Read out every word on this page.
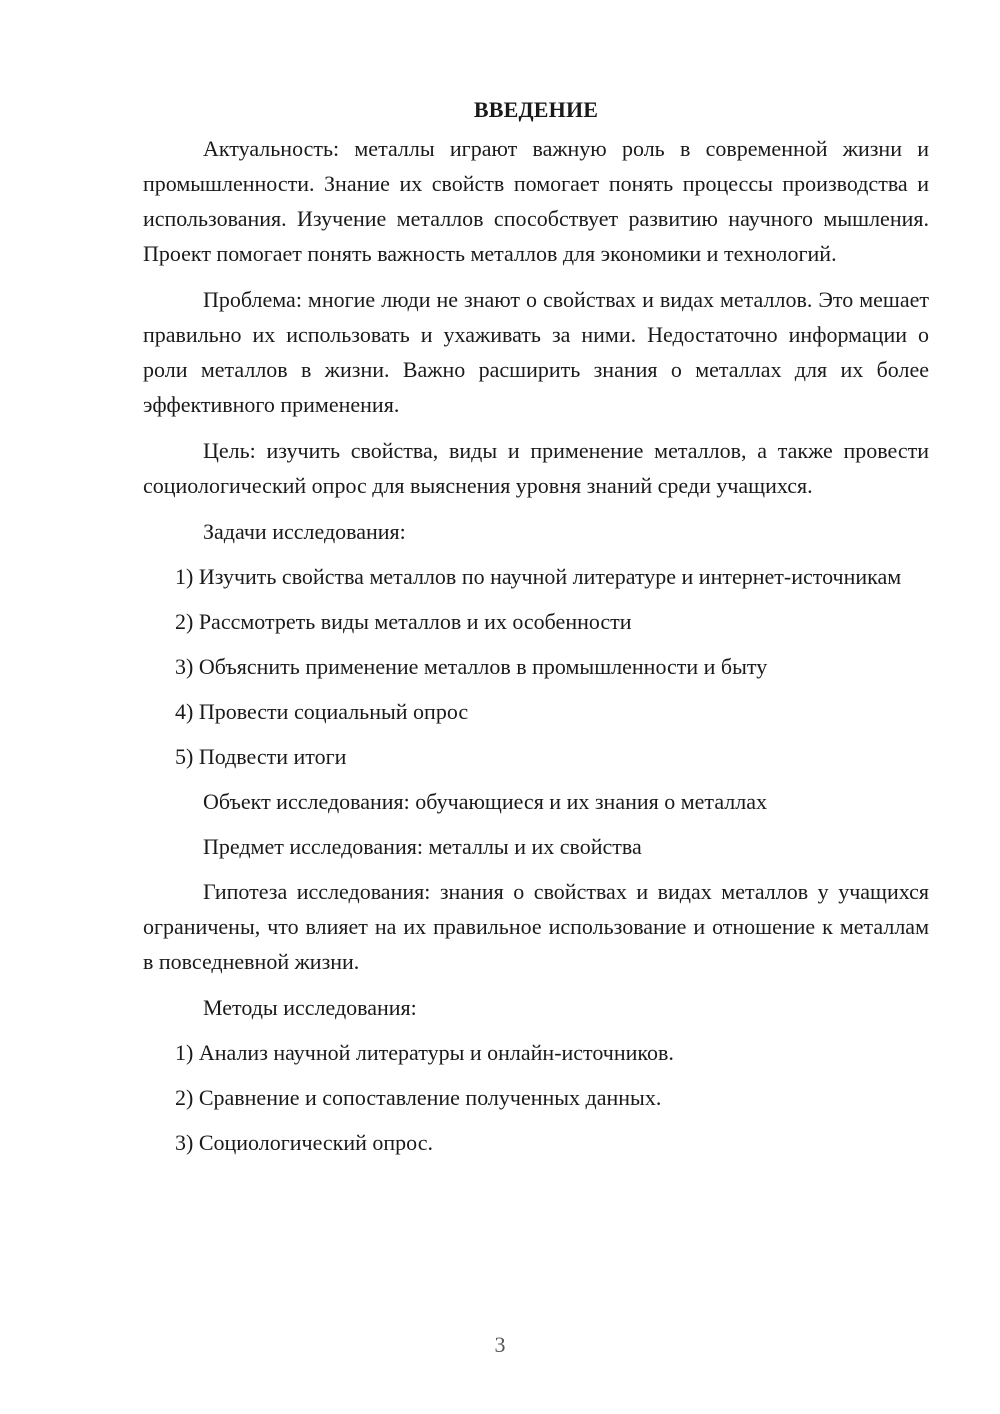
ВВЕДЕНИЕ

Актуальность: металлы играют важную роль в современной жизни и промышленности. Знание их свойств помогает понять процессы производства и использования. Изучение металлов способствует развитию научного мышления. Проект помогает понять важность металлов для экономики и технологий.

Проблема: многие люди не знают о свойствах и видах металлов. Это мешает правильно их использовать и ухаживать за ними. Недостаточно информации о роли металлов в жизни. Важно расширить знания о металлах для их более эффективного применения.

Цель: изучить свойства, виды и применение металлов, а также провести социологический опрос для выяснения уровня знаний среди учащихся.

Задачи исследования:

1) Изучить свойства металлов по научной литературе и интернет-источникам

2) Рассмотреть виды металлов и их особенности

3) Объяснить применение металлов в промышленности и быту

4) Провести социальный опрос

5) Подвести итоги

Объект исследования: обучающиеся и их знания о металлах

Предмет исследования: металлы и их свойства

Гипотеза исследования: знания о свойствах и видах металлов у учащихся ограничены, что влияет на их правильное использование и отношение к металлам в повседневной жизни.

Методы исследования:

1) Анализ научной литературы и онлайн-источников.

2) Сравнение и сопоставление полученных данных.

3) Социологический опрос.

3
